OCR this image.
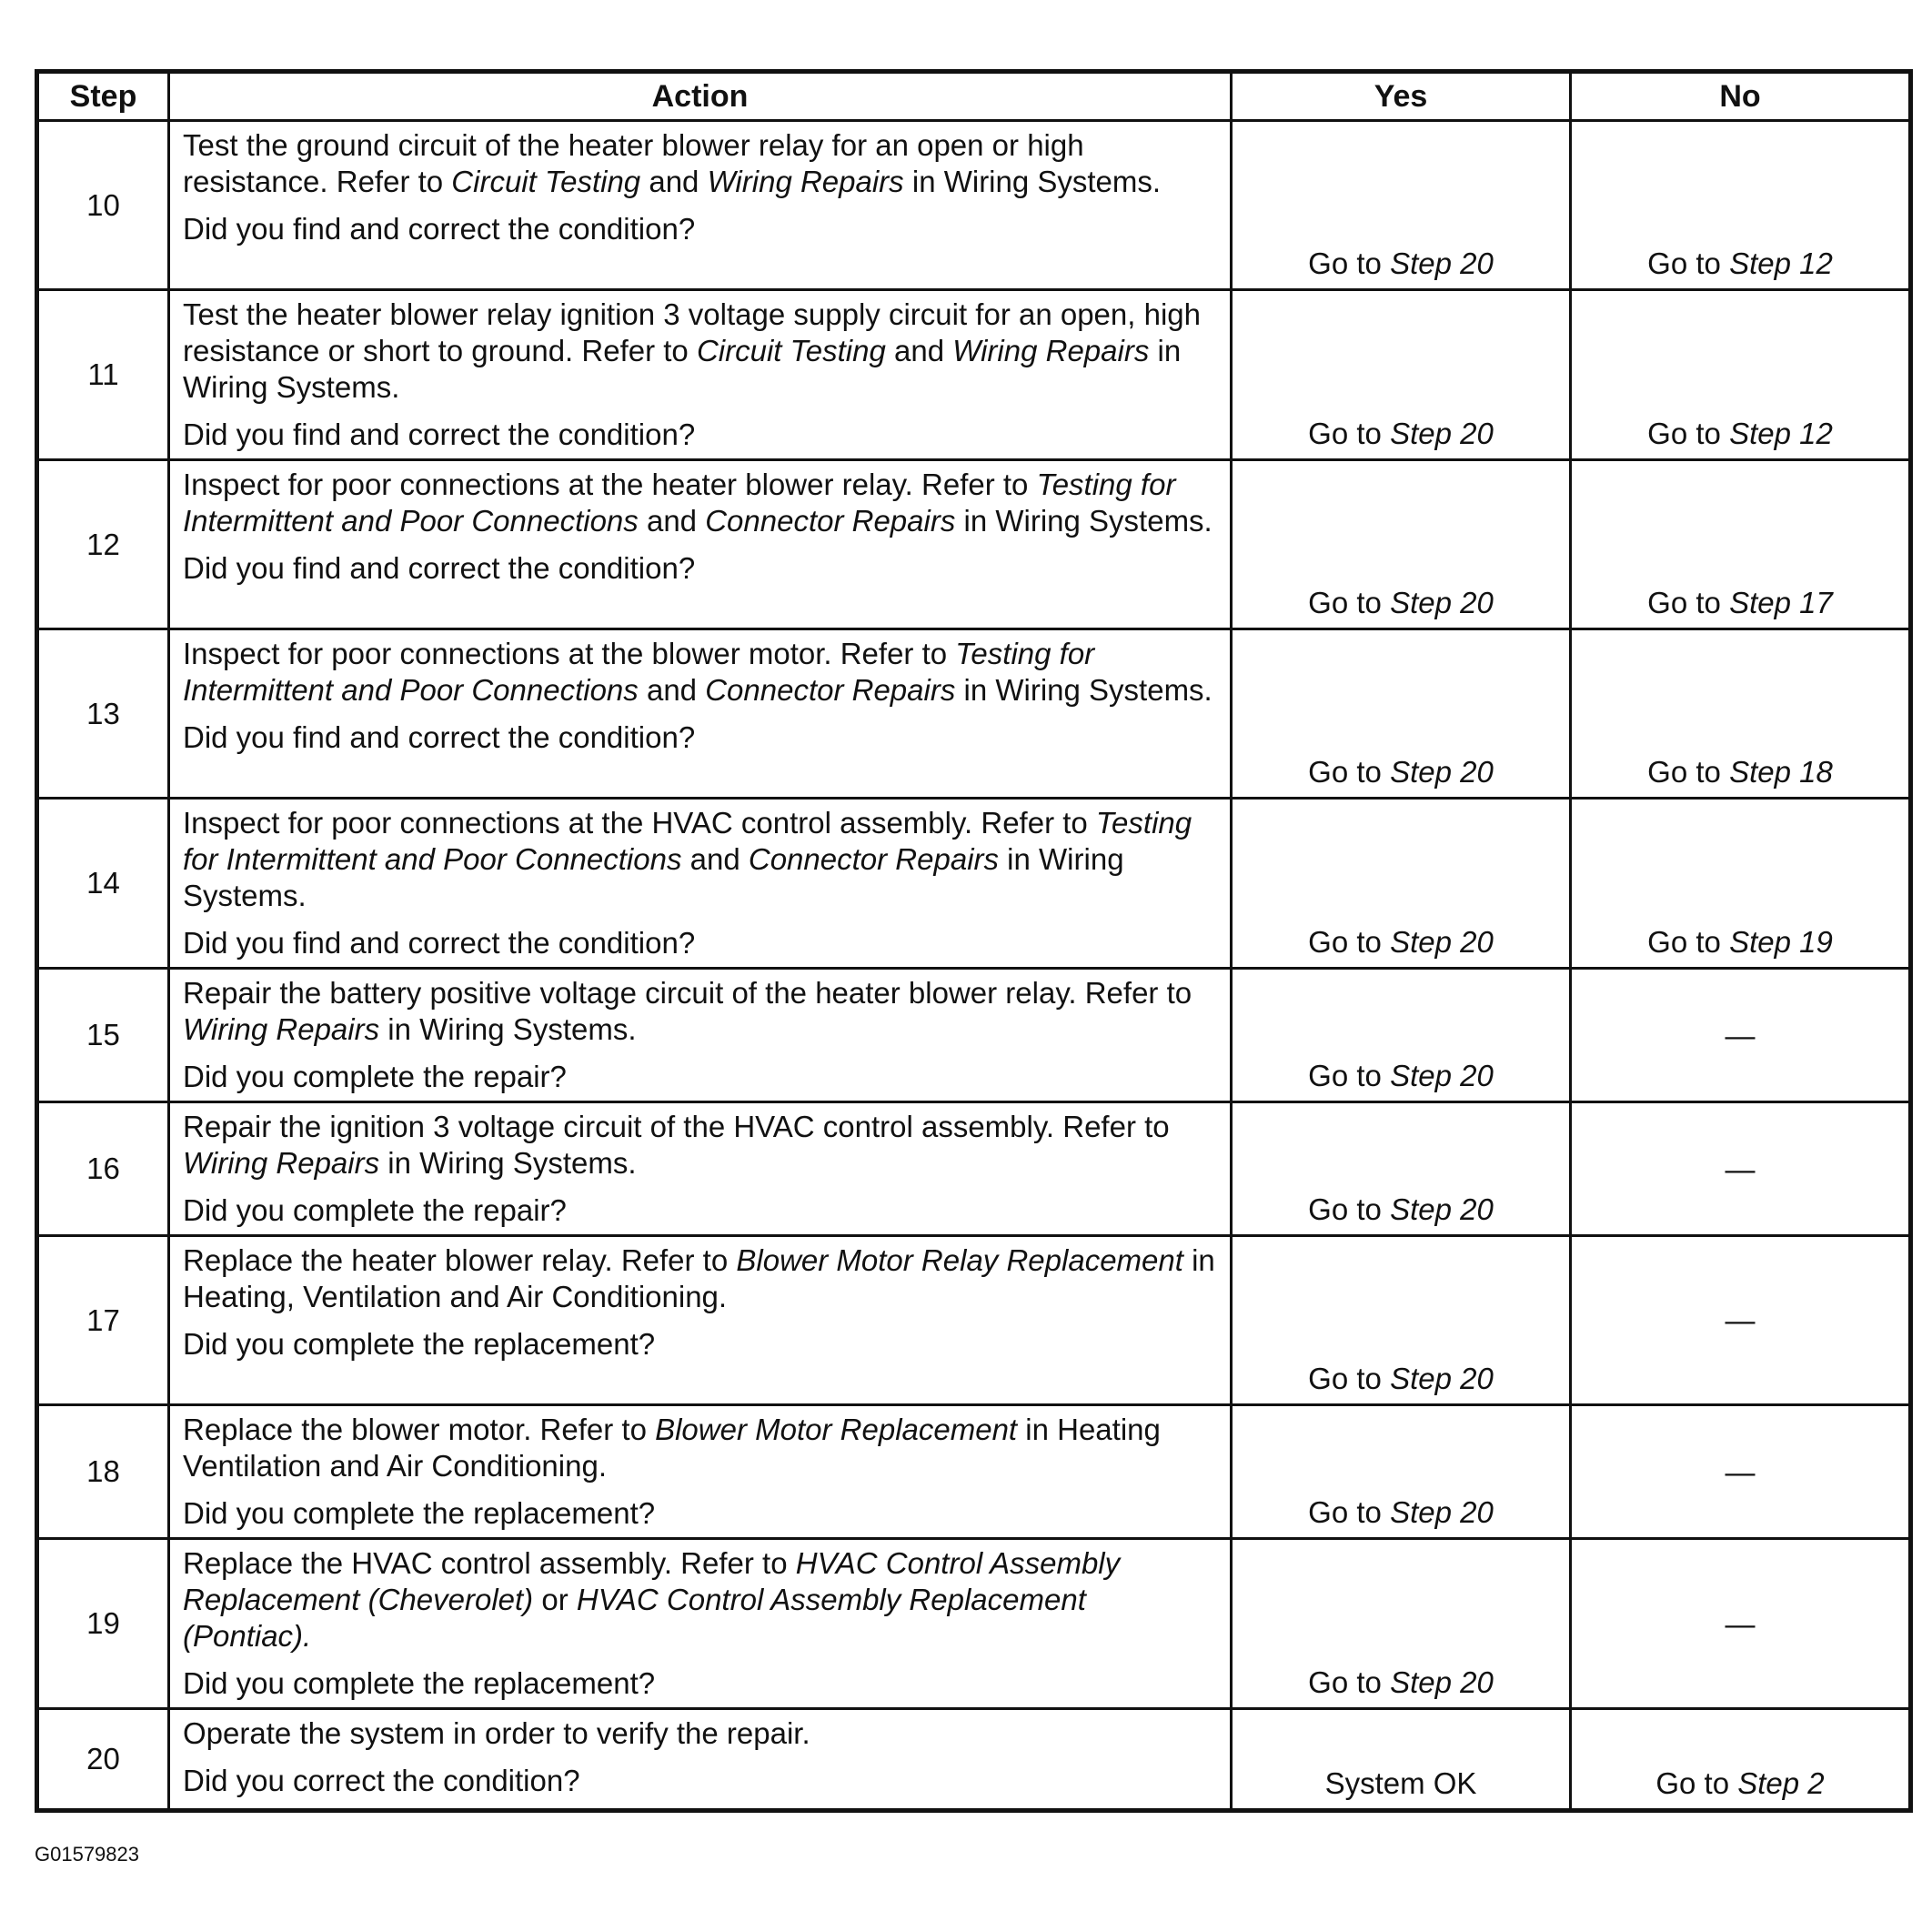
Step	Action	Yes	No
10	Test the ground circuit of the heater blower relay for an open or high resistance. Refer to Circuit Testing and Wiring Repairs in Wiring Systems.
Did you find and correct the condition?	Go to Step 20	Go to Step 12
11	Test the heater blower relay ignition 3 voltage supply circuit for an open, high resistance or short to ground. Refer to Circuit Testing and Wiring Repairs in Wiring Systems.
Did you find and correct the condition?	Go to Step 20	Go to Step 12
12	Inspect for poor connections at the heater blower relay. Refer to Testing for Intermittent and Poor Connections and Connector Repairs in Wiring Systems.
Did you find and correct the condition?	Go to Step 20	Go to Step 17
13	Inspect for poor connections at the blower motor. Refer to Testing for Intermittent and Poor Connections and Connector Repairs in Wiring Systems.
Did you find and correct the condition?	Go to Step 20	Go to Step 18
14	Inspect for poor connections at the HVAC control assembly. Refer to Testing for Intermittent and Poor Connections and Connector Repairs in Wiring Systems.
Did you find and correct the condition?	Go to Step 20	Go to Step 19
15	Repair the battery positive voltage circuit of the heater blower relay. Refer to Wiring Repairs in Wiring Systems.
Did you complete the repair?	Go to Step 20	—
16	Repair the ignition 3 voltage circuit of the HVAC control assembly. Refer to Wiring Repairs in Wiring Systems.
Did you complete the repair?	Go to Step 20	—
17	Replace the heater blower relay. Refer to Blower Motor Relay Replacement in Heating, Ventilation and Air Conditioning.
Did you complete the replacement?	Go to Step 20	—
18	Replace the blower motor. Refer to Blower Motor Replacement in Heating Ventilation and Air Conditioning.
Did you complete the replacement?	Go to Step 20	—
19	Replace the HVAC control assembly. Refer to HVAC Control Assembly Replacement (Cheverolet) or HVAC Control Assembly Replacement (Pontiac).
Did you complete the replacement?	Go to Step 20	—
20	Operate the system in order to verify the repair.
Did you correct the condition?	System OK	Go to Step 2
G01579823
